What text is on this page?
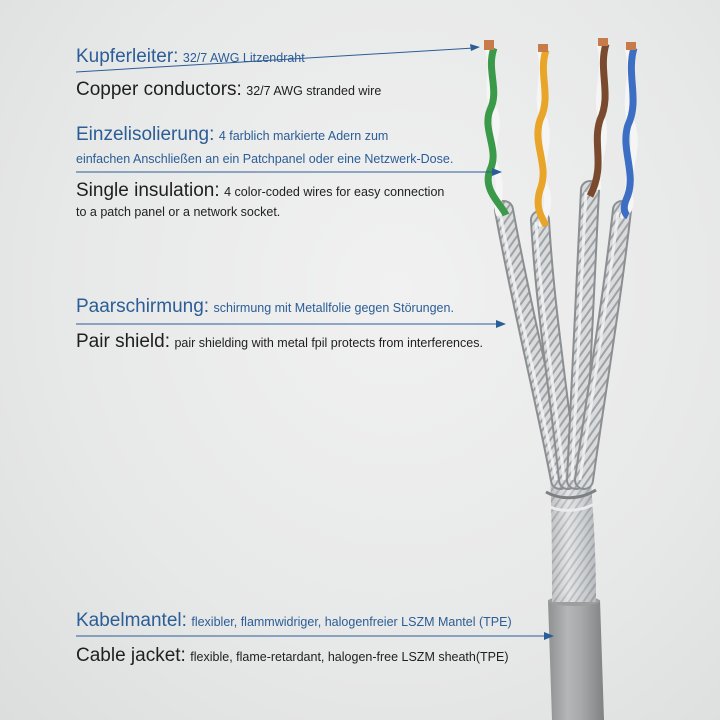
Kupferleiter: 32/7 AWG Litzendraht
Copper conductors: 32/7 AWG stranded wire
Einzelisolierung: 4 farblich markierte Adern zum
einfachen Anschließen an ein Patchpanel oder eine Netzwerk-Dose.
Single insulation: 4 color-coded wires for easy connection
to a patch panel or a network socket.
Paarschirmung: schirmung mit Metallfolie gegen Störungen.
Pair shield: pair shielding with metal fpil protects from interferences.
Kabelmantel: flexibler, flammwidriger, halogenfreier LSZM Mantel (TPE)
Cable jacket: flexible, flame-retardant, halogen-free LSZM sheath(TPE)
